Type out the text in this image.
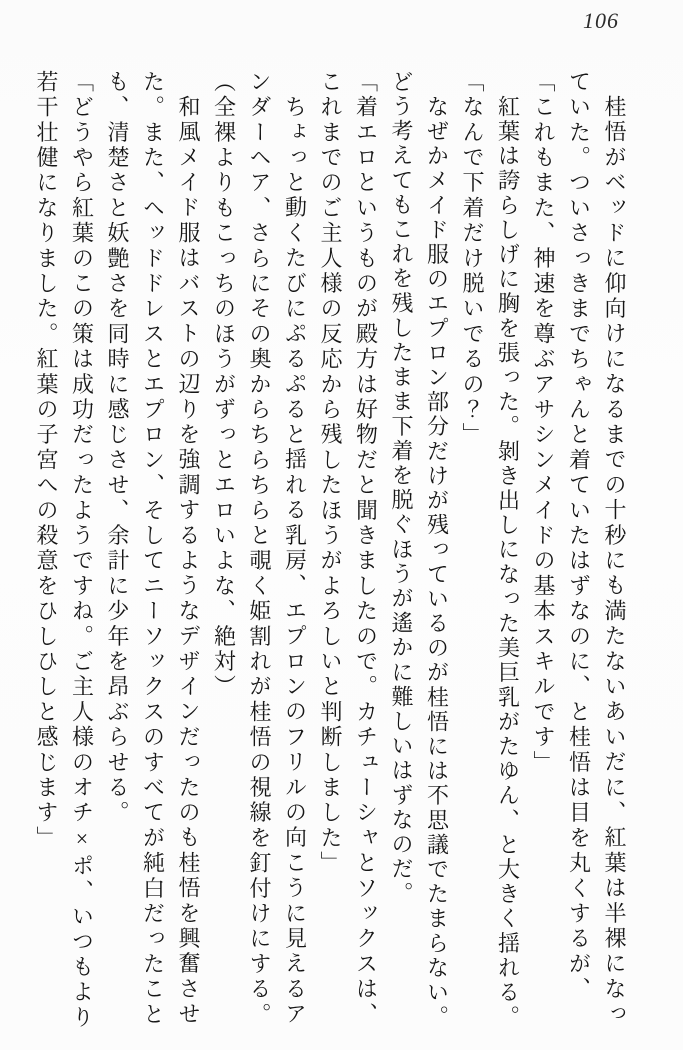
106

桂悟がベッドに仰向けになるまでの十秒にも満たないあいだに、紅葉は半裸になっていた。ついさっきまでちゃんと着ていたはずなのに、と桂悟は目を丸くするが、

「これもまた、神速を尊ぶアサシンメイドの基本スキルです」

紅葉は誇らしげに胸を張った。剝き出しになった美巨乳がたゆん、と大きく揺れる。

「なんで下着だけ脱いでるの？」

なぜかメイド服のエプロン部分だけが残っているのが桂悟には不思議でたまらない。どう考えてもこれを残したまま下着を脱ぐほうが遙かに難しいはずなのだ。

「着エロというものが殿方は好物だと聞きましたので。カチューシャとソックスは、これまでのご主人様の反応から残したほうがよろしいと判断しました」

ちょっと動くたびにぷるぷると揺れる乳房、エプロンのフリルの向こうに見えるアンダーヘア、さらにその奥からちらちらと覗く姫割れが桂悟の視線を釘付けにする。

（全裸よりもこっちのほうがずっとエロいよな、絶対）

和風メイド服はバストの辺りを強調するようなデザインだったのも桂悟を興奮させた。また、ヘッドドレスとエプロン、そしてニーソックスのすべてが純白だったことも、清楚さと妖艶さを同時に感じさせ、余計に少年を昂ぶらせる。

「どうやら紅葉のこの策は成功だったようですね。ご主人様のオチ×ポ、いつもより若干壮健になりました。紅葉の子宮への殺意をひしひしと感じます」
